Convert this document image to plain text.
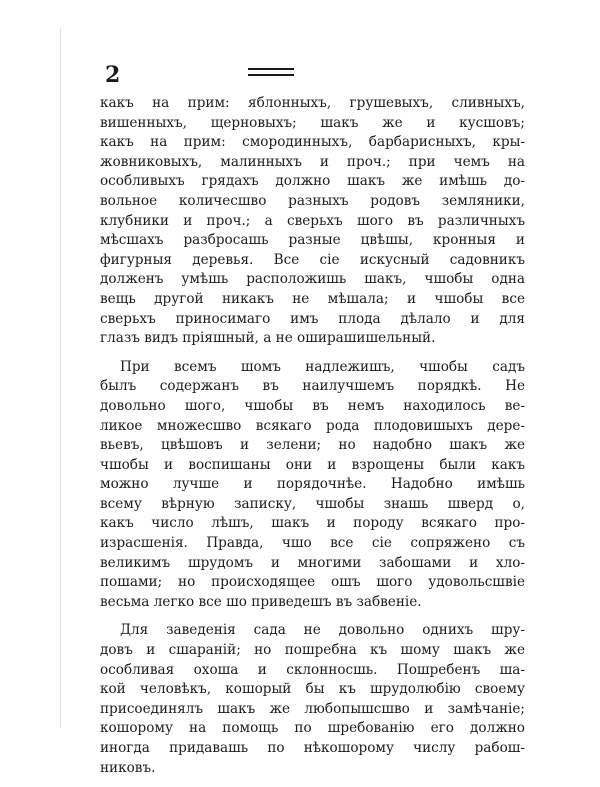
2
какъ на прим: яблонныхъ, грушевыхъ, сливныхъ,
вишенныхъ, щерновыхъ; шакъ же и кусшовъ;
какъ на прим: смородинныхъ, барбарисныхъ, кры-
жовниковыхъ, малинныхъ и проч.; при чемъ на
особливыхъ грядахъ должно шакъ же имѣшь до-
вольное количесшво разныхъ родовъ земляники,
клубники и проч.; а сверьхъ шого въ различныхъ
мѣсшахъ разбросашь разные цвѣшы, кронныя и
фигурныя деревья. Все сіе искусный садовникъ
долженъ умѣшь расположишь шакъ, чшобы одна
вещь другой никакъ не мѣшала; и чшобы все
сверьхъ приносимаго имъ плода дѣлало и для
глазъ видъ пріяшный, а не оширашишельный.
При всемъ шомъ надлежишъ, чшобы садъ
былъ содержанъ въ наилучшемъ порядкѣ. Не
довольно шого, чшобы въ немъ находилось ве-
ликое множесшво всякаго рода плодовишыхъ дере-
вьевъ, цвѣшовъ и зелени; но надобно шакъ же
чшобы и воспишаны они и взрощены были какъ
можно лучше и порядочнѣе. Надобно имѣшь
всему вѣрную записку, чшобы знашь шверд о,
какъ число лѣшъ, шакъ и породу всякаго про-
израсшенія. Правда, чшо все сіе сопряжено съ
великимъ шрудомъ и многими забошами и хло-
пошами; но происходящее ошъ шого удовольсшвіе
весьма легко все шо приведешъ въ забвеніе.
Для заведенія сада не довольно однихъ шру-
довъ и сшараній; но пошребна къ шому шакъ же
особливая охоша и склонносшь. Пошребенъ ша-
кой человѣкъ, кошорый бы къ шрудолюбію своему
присоединялъ шакъ же любопышсшво и замѣчаніе;
кошорому на помощь по шребованію его должно
иногда придавашь по нѣкошорому числу рабош-
никовъ.
